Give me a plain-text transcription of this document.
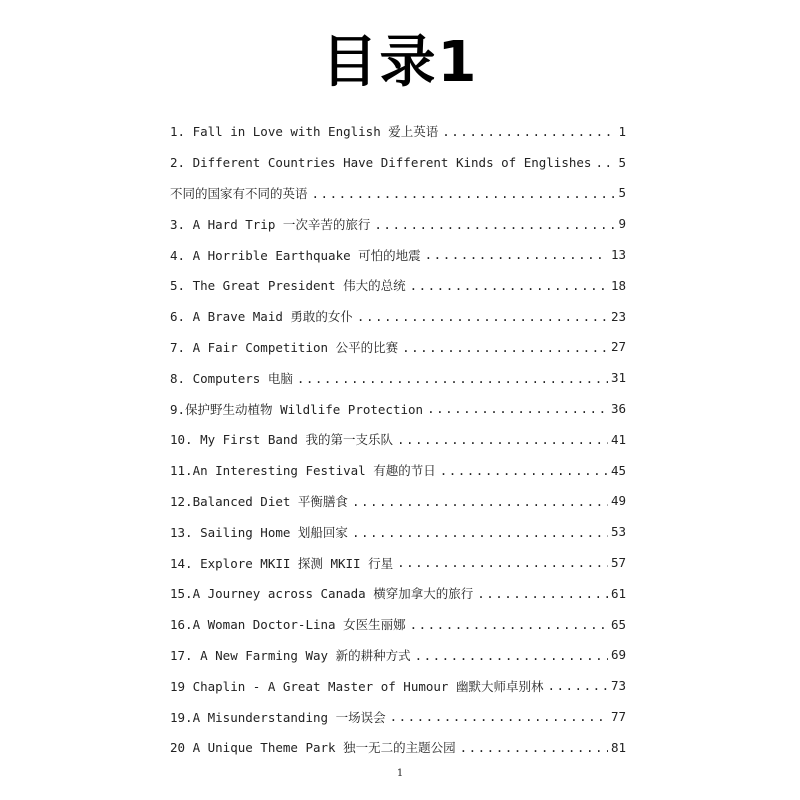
目录1
1. Fall in Love with English 爱上英语 .....	1
2. Different Countries Have Different Kinds of Englishes .....	5
不同的国家有不同的英语 .....	5
3. A Hard Trip 一次辛苦的旅行 .....	9
4. A Horrible Earthquake 可怕的地震 .....	13
5. The Great President 伟大的总统 .....	18
6. A Brave Maid 勇敢的女仆 .....	23
7. A Fair Competition 公平的比赛 .....	27
8. Computers 电脑 .....	31
9.保护野生动植物 Wildlife Protection .....	36
10. My First Band 我的第一支乐队 .....	41
11.An Interesting Festival 有趣的节日 .....	45
12.Balanced Diet 平衡膳食 .....	49
13. Sailing Home 划船回家 .....	53
14. Explore MKII 探测 MKII 行星 .....	57
15.A Journey across Canada 横穿加拿大的旅行 .....	61
16.A Woman Doctor-Lina 女医生丽娜 .....	65
17. A New Farming Way 新的耕种方式 .....	69
19 Chaplin - A Great Master of Humour 幽默大师卓别林 .....	73
19.A Misunderstanding 一场误会 .....	77
20 A Unique Theme Park 独一无二的主题公园 .....	81
1
